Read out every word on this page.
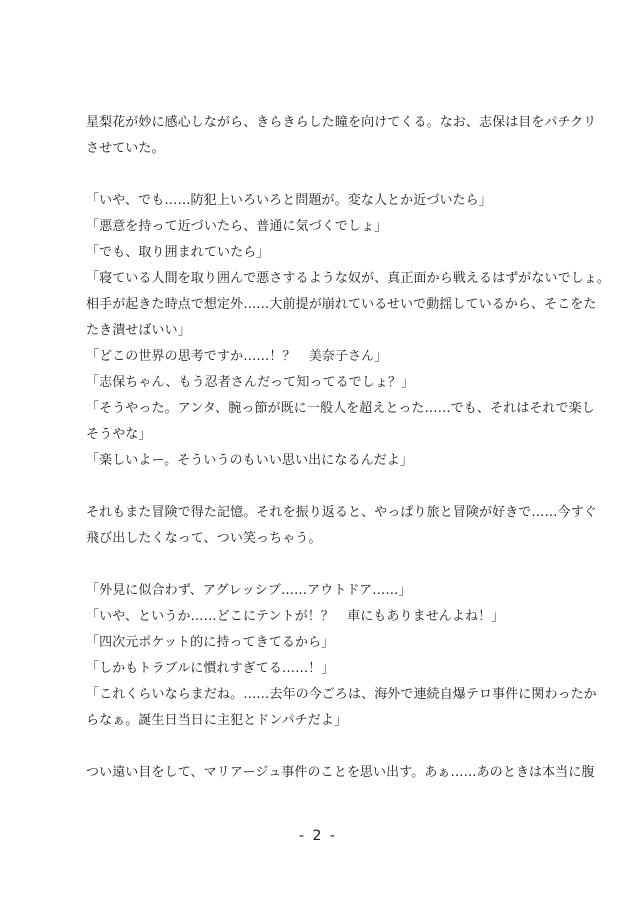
星梨花が妙に感心しながら、きらきらした瞳を向けてくる。なお、志保は目をパチクリ
させていた。
「いや、でも……防犯上いろいろと問題が。変な人とか近づいたら」
「悪意を持って近づいたら、普通に気づくでしょ」
「でも、取り囲まれていたら」
「寝ている人間を取り囲んで悪さするような奴が、真正面から戦えるはずがないでしょ。
相手が起きた時点で想定外……大前提が崩れているせいで動揺しているから、そこをた
たき潰せばいい」
「どこの世界の思考ですか……！？　美奈子さん」
「志保ちゃん、もう忍者さんだって知ってるでしょ？」
「そうやった。アンタ、腕っ節が既に一般人を超えとった……でも、それはそれで楽し
そうやな」
「楽しいよー。そういうのもいい思い出になるんだよ」
それもまた冒険で得た記憶。それを振り返ると、やっぱり旅と冒険が好きで……今すぐ
飛び出したくなって、つい笑っちゃう。
「外見に似合わず、アグレッシブ……アウトドア……」
「いや、というか……どこにテントが！？　車にもありませんよね！」
「四次元ポケット的に持ってきてるから」
「しかもトラブルに慣れすぎてる……！」
「これくらいならまだね。……去年の今ごろは、海外で連続自爆テロ事件に関わったか
らなぁ。誕生日当日に主犯とドンパチだよ」
つい遠い目をして、マリアージュ事件のことを思い出す。あぁ……あのときは本当に腹
- 2 -
